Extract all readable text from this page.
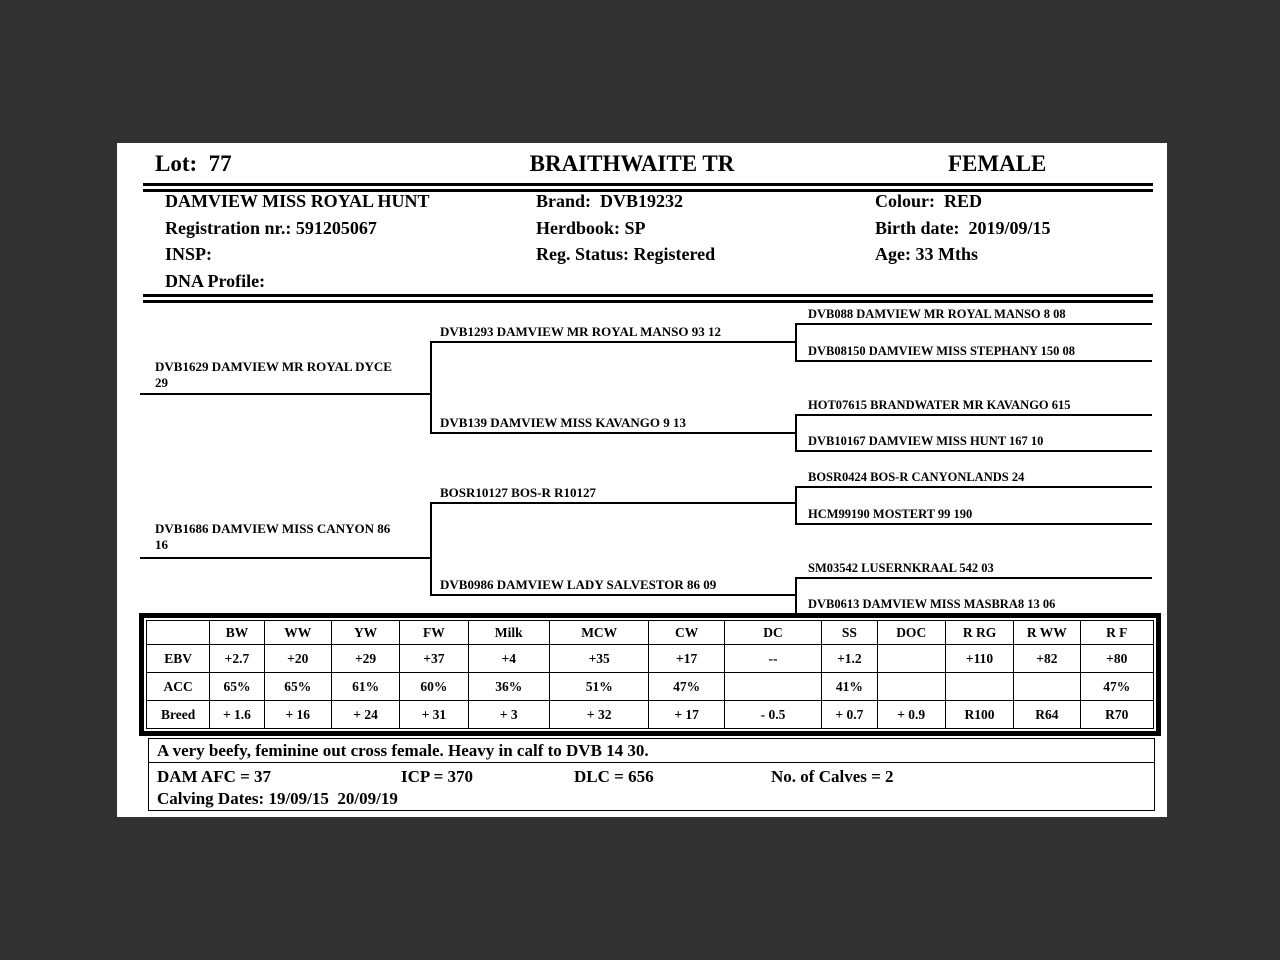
Lot:  77	BRAITHWAITE TR	FEMALE
DAMVIEW MISS ROYAL HUNT
Registration nr.: 591205067
INSP:
DNA Profile:
Brand:  DVB19232
Herdbook: SP
Reg. Status: Registered
Colour:  RED
Birth date:  2019/09/15
Age: 33 Mths
DVB1629 DAMVIEW MR ROYAL DYCE 29
DVB1686 DAMVIEW MISS CANYON 86 16
DVB1293 DAMVIEW MR ROYAL MANSO 93 12
DVB139 DAMVIEW MISS KAVANGO 9 13
BOSR10127 BOS-R R10127
DVB0986 DAMVIEW LADY SALVESTOR 86 09
DVB088 DAMVIEW MR ROYAL MANSO 8 08
DVB08150 DAMVIEW MISS STEPHANY 150 08
HOT07615 BRANDWATER MR KAVANGO 615
DVB10167 DAMVIEW MISS HUNT 167 10
BOSR0424 BOS-R CANYONLANDS 24
HCM99190 MOSTERT 99 190
SM03542 LUSERNKRAAL 542 03
DVB0613 DAMVIEW MISS MASBRA8 13 06
	BW	WW	YW	FW	Milk	MCW	CW	DC	SS	DOC	R RG	R WW	R F
EBV	+2.7	+20	+29	+37	+4	+35	+17	--	+1.2		+110	+82	+80
ACC	65%	65%	61%	60%	36%	51%	47%		41%				47%
Breed	+ 1.6	+ 16	+ 24	+ 31	+ 3	+ 32	+ 17	- 0.5	+ 0.7	+ 0.9	R100	R64	R70
A very beefy, feminine out cross female. Heavy in calf to DVB 14 30.
DAM AFC = 37	ICP = 370	DLC = 656	No. of Calves = 2
Calving Dates: 19/09/15  20/09/19
